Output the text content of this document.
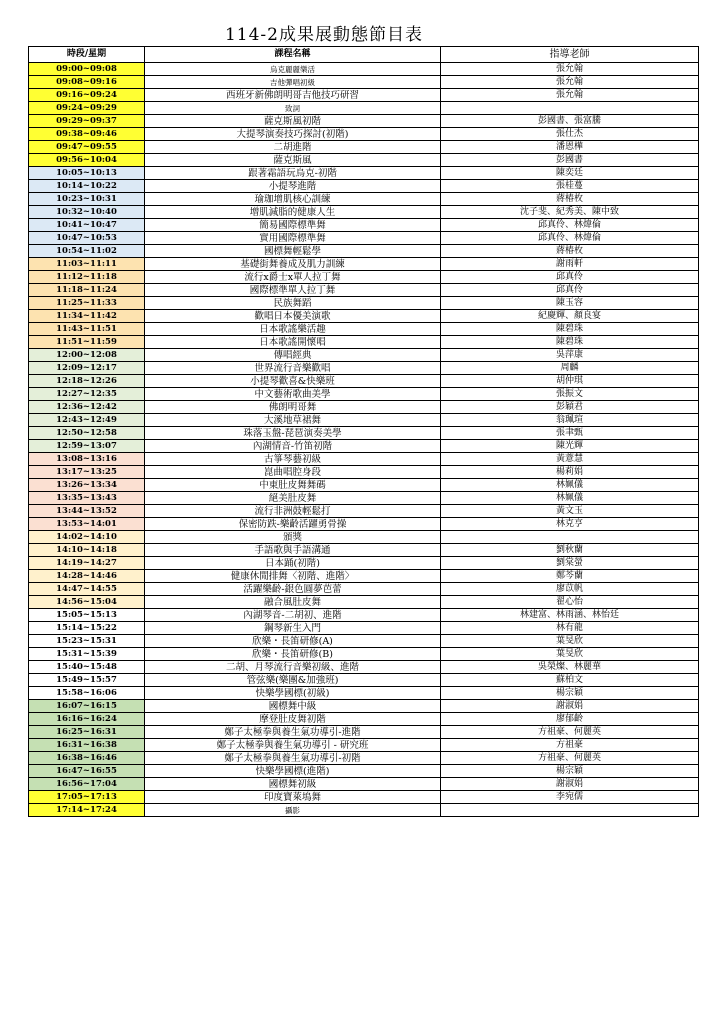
114-2成果展動態節目表
時段/星期	課程名稱	指導老師
09:00~09:08	烏克麗麗樂活	張允翰
09:08~09:16	吉他彈唱初級	張允翰
09:16~09:24	西班牙新佛朗明哥吉他技巧研習	張允翰
09:24~09:29	致詞	
09:29~09:37	薩克斯風初階	彭國書、張富騰
09:38~09:46	大提琴演奏技巧探討(初階)	張仕杰
09:47~09:55	二胡進階	潘恩樺
09:56~10:04	薩克斯風	彭國書
10:05~10:13	跟著霜語玩烏克-初階	陳奕廷
10:14~10:22	小提琴進階	張桂蔓
10:23~10:31	瑜珈增肌核心訓練	蔣椿枚
10:32~10:40	增肌減脂的健康人生	沈子斐、紀秀美、陳中致
10:41~10:47	簡易國際標準舞	邱真伶、林煒倫
10:47~10:53	實用國際標準舞	邱真伶、林煒倫
10:54~11:02	國標舞輕鬆學	蔣椿枚
11:03~11:11	基礎街舞養成及肌力訓練	謝雨軒
11:12~11:18	流行x爵士x單人拉丁舞	邱真伶
11:18~11:24	國際標準單人拉丁舞	邱真伶
11:25~11:33	民族舞蹈	陳玉容
11:34~11:42	歡唱日本優美演歌	紀慶輝、顏良宴
11:43~11:51	日本歌謠樂活趣	陳碧珠
11:51~11:59	日本歌謠開懷唱	陳碧珠
12:00~12:08	傳唱經典	吳萍康
12:09~12:17	世界流行音樂歡唱	周麟
12:18~12:26	小提琴歡喜&快樂班	胡仲琪
12:27~12:35	中文藝術歌曲美學	張振文
12:36~12:42	佛朗明哥舞	彭穎君
12:43~12:49	大溪地草裙舞	翁珮瑄
12:50~12:58	珠落玉盤-琵琶演奏美學	張聿甄
12:59~13:07	內湖情音-竹笛初階	陳光輝
13:08~13:16	古箏琴藝初級	黃薏慧
13:17~13:25	崑曲唱腔身段	楊莉娟
13:26~13:34	中東肚皮舞舞碼	林姵儀
13:35~13:43	絕美肚皮舞	林姵儀
13:44~13:52	流行非洲鼓輕鬆打	黃文玉
13:53~14:01	保密防跌-樂齡活躍勇骨操	林克亨
14:02~14:10	頒獎	
14:10~14:18	手語歌與手語溝通	劉秋蘭
14:19~14:27	日本踊(初階)	劉棠螢
14:28~14:46	健康休閒排舞〈初階、進階〉	鄭芩蘭
14:47~14:55	活躍樂齡-銀色圓夢芭蕾	廖苡帆
14:56~15:04	融合風肚皮舞	翟心怡
15:05~15:13	內湖琴音-二胡初、進階	林建富、林雨涵、林怡廷
15:14~15:22	鋼琴新生入門	林有龍
15:23~15:31	欣樂・長笛研修(A)	葉旻欣
15:31~15:39	欣樂・長笛研修(B)	葉旻欣
15:40~15:48	二胡、月琴流行音樂初級、進階	吳榮燦、林麗華
15:49~15:57	管弦樂(樂團&加強班)	蘇柏文
15:58~16:06	快樂學國標(初級)	楊宗穎
16:07~16:15	國標舞中級	謝淑娟
16:16~16:24	摩登肚皮舞初階	廖郁齡
16:25~16:31	鄭子太極拳與養生氣功導引-進階	方祖豪、何麗英
16:31~16:38	鄭子太極拳與養生氣功導引 - 研究班	方祖豪
16:38~16:46	鄭子太極拳與養生氣功導引-初階	方祖豪、何麗英
16:47~16:55	快樂學國標(進階)	楊宗穎
16:56~17:04	國標舞初級	謝淑娟
17:05~17:13	印度寶萊塢舞	李宛儒
17:14~17:24	攝影	
